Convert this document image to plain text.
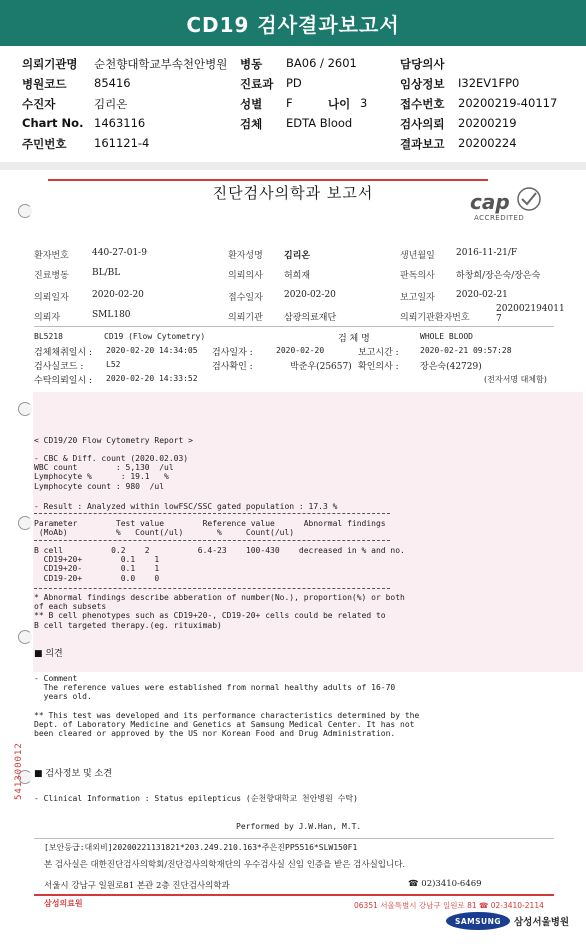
CD19 검사결과보고서
의뢰기관명 순천향대학교부속천안병원 병동 BA06 / 2601	담당의사
병원코드 85416	진료과 PD	임상정보 I32EV1FP0
수진자	김리온	성별 F	나이 3	접수번호 20200219-40117
Chart No. 1463116	검체 EDTA Blood	검사의뢰 20200219
주민번호 161121-4	결과보고 20200224
진단검사의학과 보고서	cap
ACCREDITED
환자번호	440-27-01-9	환자성명 김리온	생년월일 2016-11-21/F
진료병동	BL/BL	의뢰의사 허희재	판독의사 하창희/장은숙/장은숙
의뢰일자	2020-02-20	접수일자 2020-02-20	보고일자 2020-02-21
의뢰자	SML180	의뢰기관 삼광의료재단	의뢰기관환자번호
202002194011 7
BL5218	CD19 (Flow Cytometry)	검 체 명	WHOLE BLOOD
검체채취일시 : 2020-02-20 14:34:05 검사일자 :	2020-02-20	보고시간 :	2020-02-21 09:57:28
검사실코드 :	L52	검사확인 :	박준우(25657) 확인의사 : 장은숙(42729)
수탁의뢰일시 : 2020-02-20 14:33:52	(전자서명 대체함)
< CD19/20 Flow Cytometry Report >
- CBC & Diff. count (2020.02.03)
WBC count        : 5,130  /ul
Lymphocyte %      : 19.1   %
Lymphocyte count : 980  /ul
- Result : Analyzed within lowFSC/SSC gated population : 17.3 %
Parameter        Test value        Reference value      Abnormal findings
(MoAb)          %   Count(/ul)       %     Count(/ul)
B cell          0.2    2          6.4-23    100-430    decreased in % and no.
CD19+20+        0.1    1
CD19+20-        0.1    1
CD19-20+        0.0    0
* Abnormal findings describe abberation of number(No.), proportion(%) or both
of each subsets
** B cell phenotypes such as CD19+20-, CD19-20+ cells could be related to
B cell targeted therapy.(eg. rituximab)
■ 의견
- Comment
The reference values were established from normal healthy adults of 16-70
years old.

** This test was developed and its performance characteristics determined by the
Dept. of Laboratory Medicine and Genetics at Samsung Medical Center. It has not
been cleared or approved by the US nor Korean Food and Drug Administration.
■ 검사정보 및 소견
- Clinical Information : Status epilepticus (순천향대학교 천안병원 수탁)
Performed by J.W.Han, M.T.
[보안등급:대외비]20200221131821*203.249.210.163*주은진PP5516*SLW150F1
본 검사실은 대한진단검사의학회/진단검사의학재단의 우수검사실 신임 인증을 받은 검사실입니다.
서울시 강남구 일원로81 본관 2층 진단검사의학과	☎ 02)3410-6469
541300012
삼성의료원	06351 서울특별시 강남구 일원로 81 ☎ 02-3410-2114
SAMSUNG 삼성서울병원
